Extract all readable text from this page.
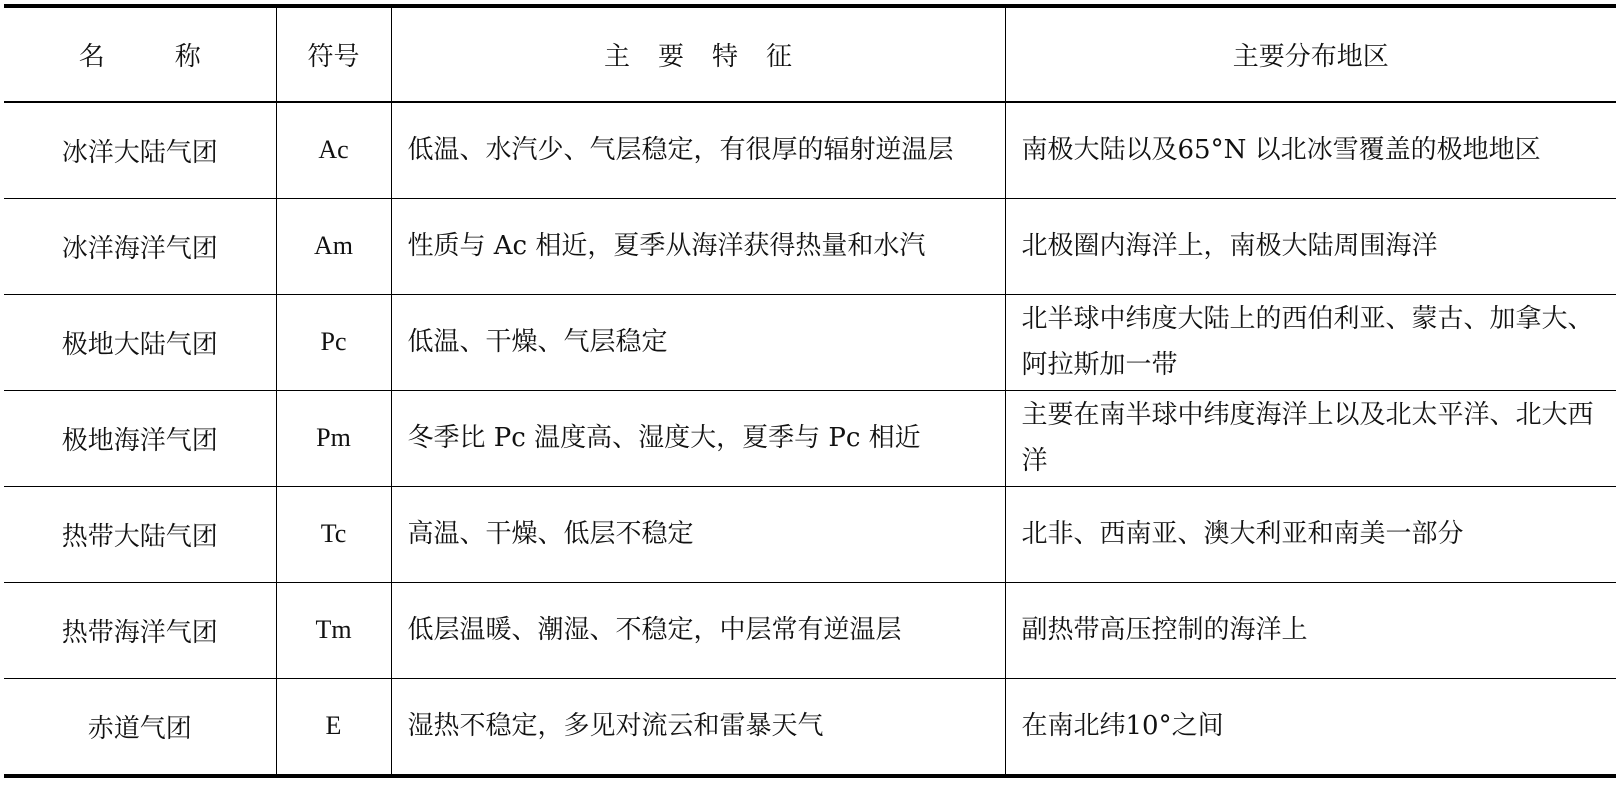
名称	符号	主要特征	主要分布地区
冰洋大陆气团	Ac	低温、水汽少、气层稳定，有很厚的辐射逆温层	南极大陆以及65°N 以北冰雪覆盖的极地地区
冰洋海洋气团	Am	性质与 Ac 相近，夏季从海洋获得热量和水汽	北极圈内海洋上，南极大陆周围海洋
极地大陆气团	Pc	低温、干燥、气层稳定	北半球中纬度大陆上的西伯利亚、蒙古、加拿大、阿拉斯加一带
极地海洋气团	Pm	冬季比 Pc 温度高、湿度大，夏季与 Pc 相近	主要在南半球中纬度海洋上以及北太平洋、北大西洋
热带大陆气团	Tc	高温、干燥、低层不稳定	北非、西南亚、澳大利亚和南美一部分
热带海洋气团	Tm	低层温暖、潮湿、不稳定，中层常有逆温层	副热带高压控制的海洋上
赤道气团	E	湿热不稳定，多见对流云和雷暴天气	在南北纬10°之间
